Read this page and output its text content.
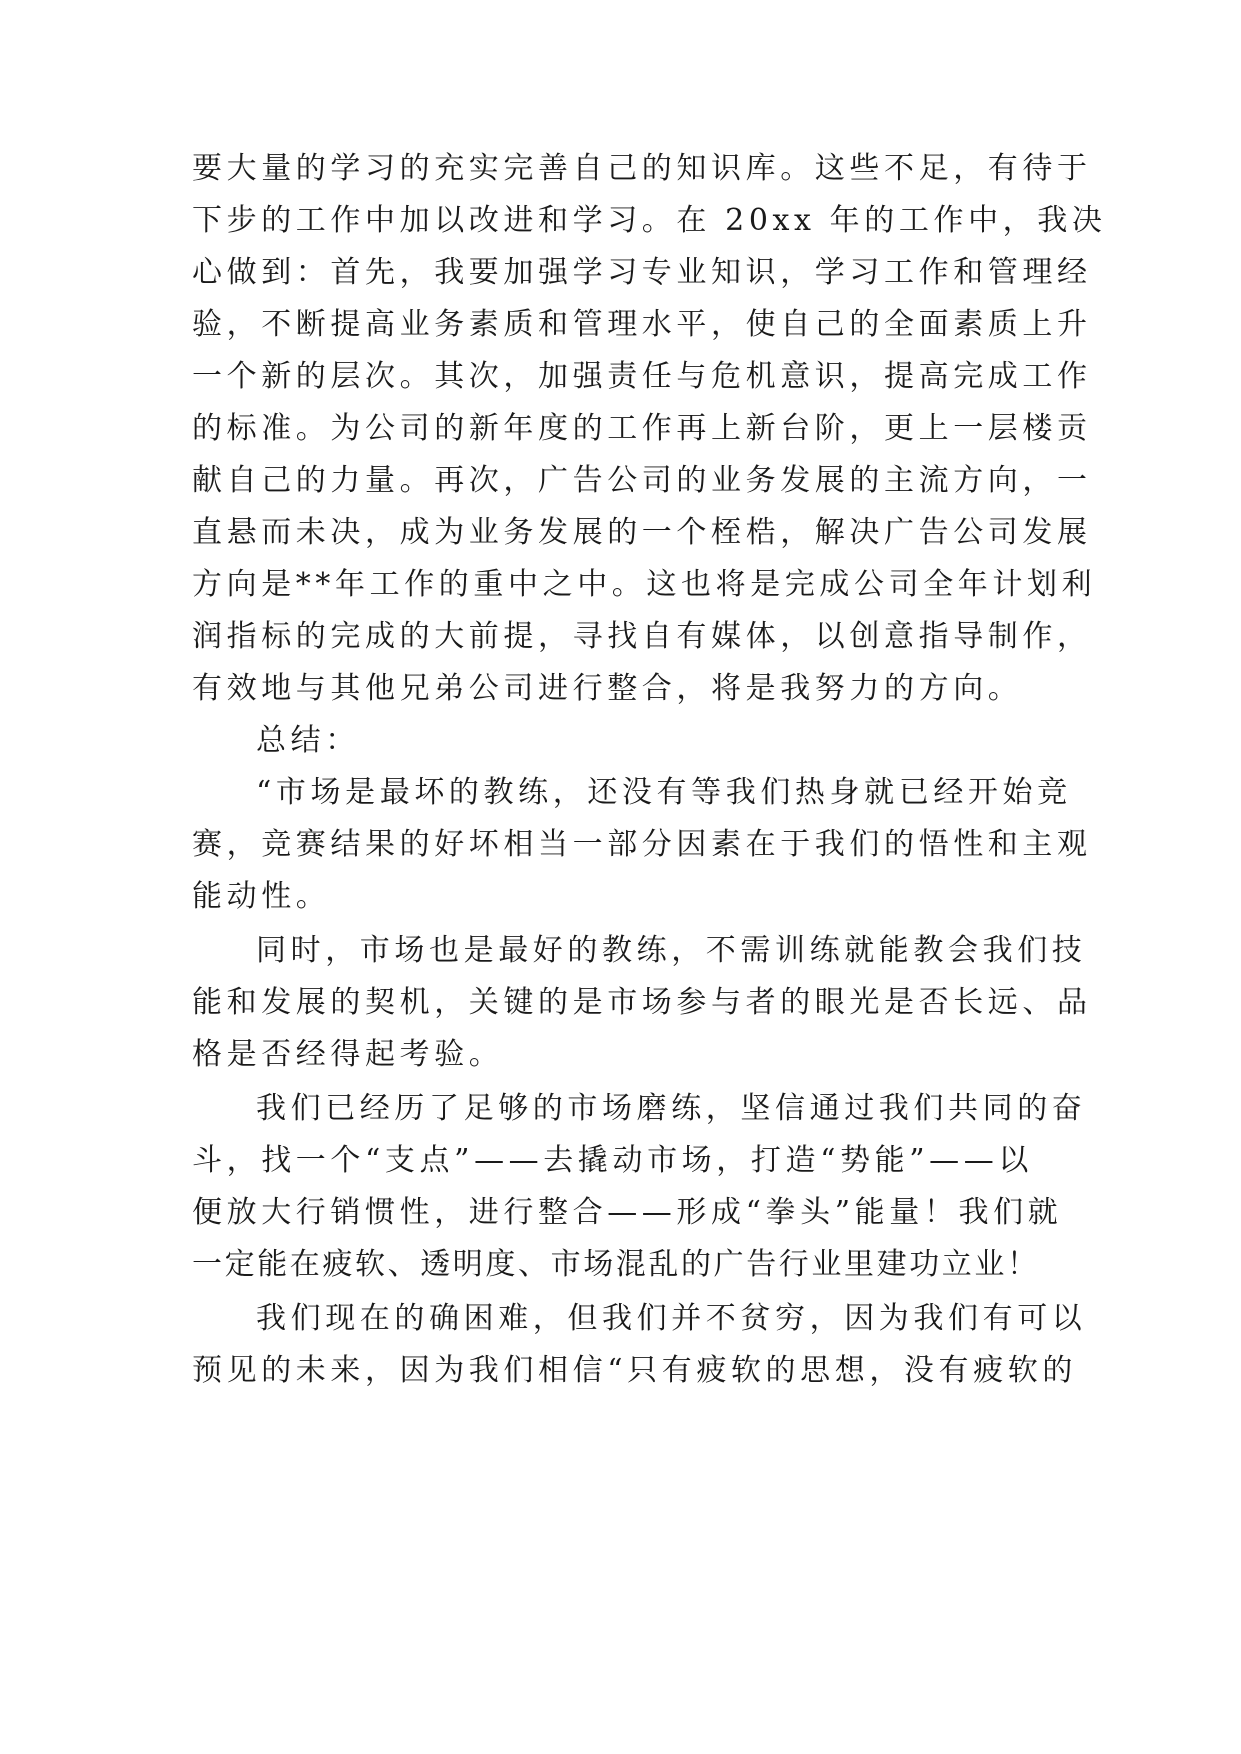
要大量的学习的充实完善自己的知识库。这些不足，有待于
下步的工作中加以改进和学习。在 20xx 年的工作中，我决
心做到：首先，我要加强学习专业知识，学习工作和管理经
验，不断提高业务素质和管理水平，使自己的全面素质上升
一个新的层次。其次，加强责任与危机意识，提高完成工作
的标准。为公司的新年度的工作再上新台阶，更上一层楼贡
献自己的力量。再次，广告公司的业务发展的主流方向，一
直悬而未决，成为业务发展的一个桎梏，解决广告公司发展
方向是**年工作的重中之中。这也将是完成公司全年计划利
润指标的完成的大前提，寻找自有媒体，以创意指导制作，
有效地与其他兄弟公司进行整合，将是我努力的方向。
总结：
“市场是最坏的教练，还没有等我们热身就已经开始竞
赛，竞赛结果的好坏相当一部分因素在于我们的悟性和主观
能动性。
同时，市场也是最好的教练，不需训练就能教会我们技
能和发展的契机，关键的是市场参与者的眼光是否长远、品
格是否经得起考验。
我们已经历了足够的市场磨练，坚信通过我们共同的奋
斗，找一个“支点”——去撬动市场，打造“势能”——以
便放大行销惯性，进行整合——形成“拳头”能量！我们就
一定能在疲软、透明度、市场混乱的广告行业里建功立业！
我们现在的确困难，但我们并不贫穷，因为我们有可以
预见的未来，因为我们相信“只有疲软的思想，没有疲软的
